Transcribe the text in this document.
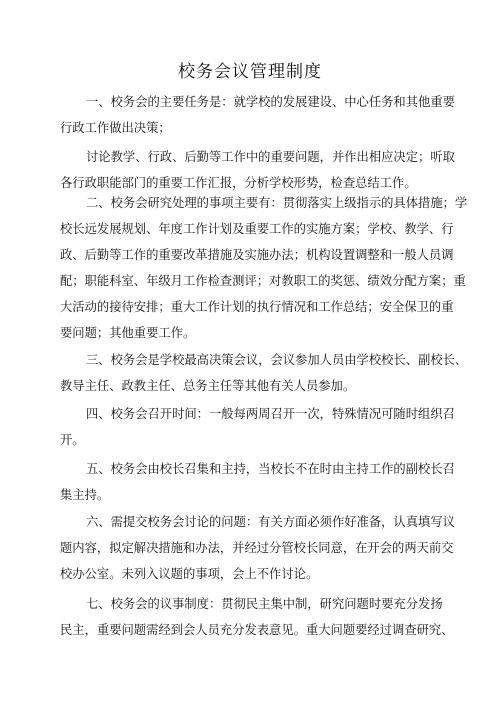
校务会议管理制度

一、校务会的主要任务是：就学校的发展建设、中心任务和其他重要
行政工作做出决策；

讨论教学、行政、后勤等工作中的重要问题，并作出相应决定；听取
各行政职能部门的重要工作汇报，分析学校形势，检查总结工作。

二、校务会研究处理的事项主要有：贯彻落实上级指示的具体措施；学
校长远发展规划、年度工作计划及重要工作的实施方案；学校、教学、行
政、后勤等工作的重要改革措施及实施办法；机构设置调整和一般人员调
配；职能科室、年级月工作检查测评；对教职工的奖惩、绩效分配方案；重
大活动的接待安排；重大工作计划的执行情况和工作总结；安全保卫的重
要问题；其他重要工作。

三、校务会是学校最高决策会议，会议参加人员由学校校长、副校长、
教导主任、政教主任、总务主任等其他有关人员参加。

四、校务会召开时间：一般每两周召开一次，特殊情况可随时组织召
开。

五、校务会由校长召集和主持，当校长不在时由主持工作的副校长召
集主持。

六、需提交校务会讨论的问题：有关方面必须作好准备，认真填写议
题内容，拟定解决措施和办法，并经过分管校长同意，在开会的两天前交
校办公室。未列入议题的事项，会上不作讨论。

七、校务会的议事制度：贯彻民主集中制，研究问题时要充分发扬
民主，重要问题需经到会人员充分发表意见。重大问题要经过调查研究、
